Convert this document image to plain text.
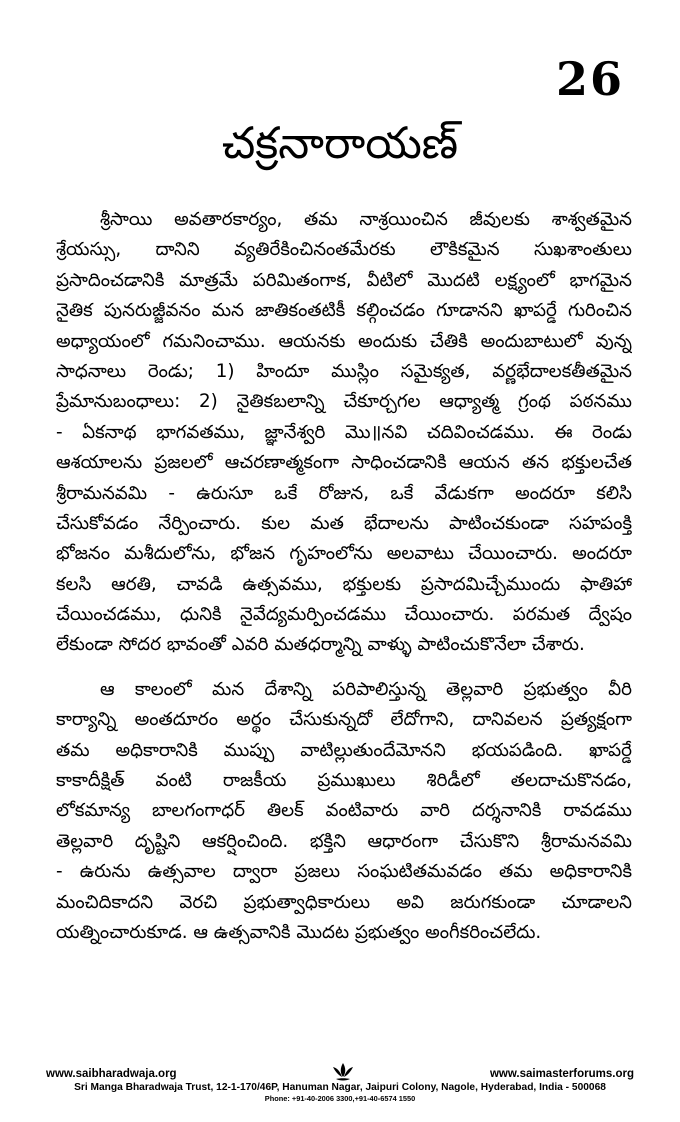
26
చక్రనారాయణ్

శ్రీసాయి అవతారకార్యం, తమ నాశ్రయించిన జీవులకు శాశ్వతమైన
శ్రేయస్సు, దానిని వ్యతిరేకించినంతమేరకు లౌకికమైన సుఖశాంతులు
ప్రసాదించడానికి మాత్రమే పరిమితంగాక, వీటిలో మొదటి లక్ష్యంలో భాగమైన
నైతిక పునరుజ్జీవనం మన జాతికంతటికీ కల్గించడం గూడానని ఖాపర్డే గురించిన
అధ్యాయంలో గమనించాము. ఆయనకు అందుకు చేతికి అందుబాటులో వున్న
సాధనాలు రెండు; 1) హిందూ ముస్లిం సమైక్యత, వర్ణభేదాలకతీతమైన
ప్రేమానుబంధాలు: 2) నైతికబలాన్ని చేకూర్చగల ఆధ్యాత్మ గ్రంథ పఠనము
- ఏకనాథ భాగవతము, జ్ఞానేశ్వరి మొ॥నవి చదివించడము. ఈ రెండు
ఆశయాలను ప్రజలలో ఆచరణాత్మకంగా సాధించడానికి ఆయన తన భక్తులచేత
శ్రీరామనవమి - ఉరుసూ ఒకే రోజున, ఒకే వేడుకగా అందరూ కలిసి
చేసుకోవడం నేర్పించారు. కుల మత భేదాలను పాటించకుండా సహపంక్తి
భోజనం మశీదులోను, భోజన గృహంలోను అలవాటు చేయించారు. అందరూ
కలసి ఆరతి, చావడి ఉత్సవము, భక్తులకు ప్రసాదమిచ్చేముందు ఫాతిహా
చేయించడము, ధునికి నైవేద్యమర్పించడము చేయించారు. పరమత ద్వేషం
లేకుండా సోదర భావంతో ఎవరి మతధర్మాన్ని వాళ్ళు పాటించుకొనేలా చేశారు.

ఆ కాలంలో మన దేశాన్ని పరిపాలిస్తున్న తెల్లవారి ప్రభుత్వం వీరి
కార్యాన్ని అంతదూరం అర్థం చేసుకున్నదో లేదోగాని, దానివలన ప్రత్యక్షంగా
తమ అధికారానికి ముప్పు వాటిల్లుతుందేమోనని భయపడింది. ఖాపర్డే
కాకాదీక్షిత్ వంటి రాజకీయ ప్రముఖులు శిరిడీలో తలదాచుకొనడం,
లోకమాన్య బాలగంగాధర్ తిలక్ వంటివారు వారి దర్శనానికి రావడము
తెల్లవారి దృష్టిని ఆకర్షించింది. భక్తిని ఆధారంగా చేసుకొని శ్రీరామనవమి
- ఉరును ఉత్సవాల ద్వారా ప్రజలు సంఘటితమవడం తమ అధికారానికి
మంచిదికాదని వెరచి ప్రభుత్వాధికారులు అవి జరుగకుండా చూడాలని
యత్నించారుకూడ. ఆ ఉత్సవానికి మొదట ప్రభుత్వం అంగీకరించలేదు.

www.saibharadwaja.org	www.saimasterforums.org
Sri Manga Bharadwaja Trust, 12-1-170/46P, Hanuman Nagar, Jaipuri Colony, Nagole, Hyderabad, India - 500068
Phone: +91-40-2006 3300,+91-40-6574 1550
